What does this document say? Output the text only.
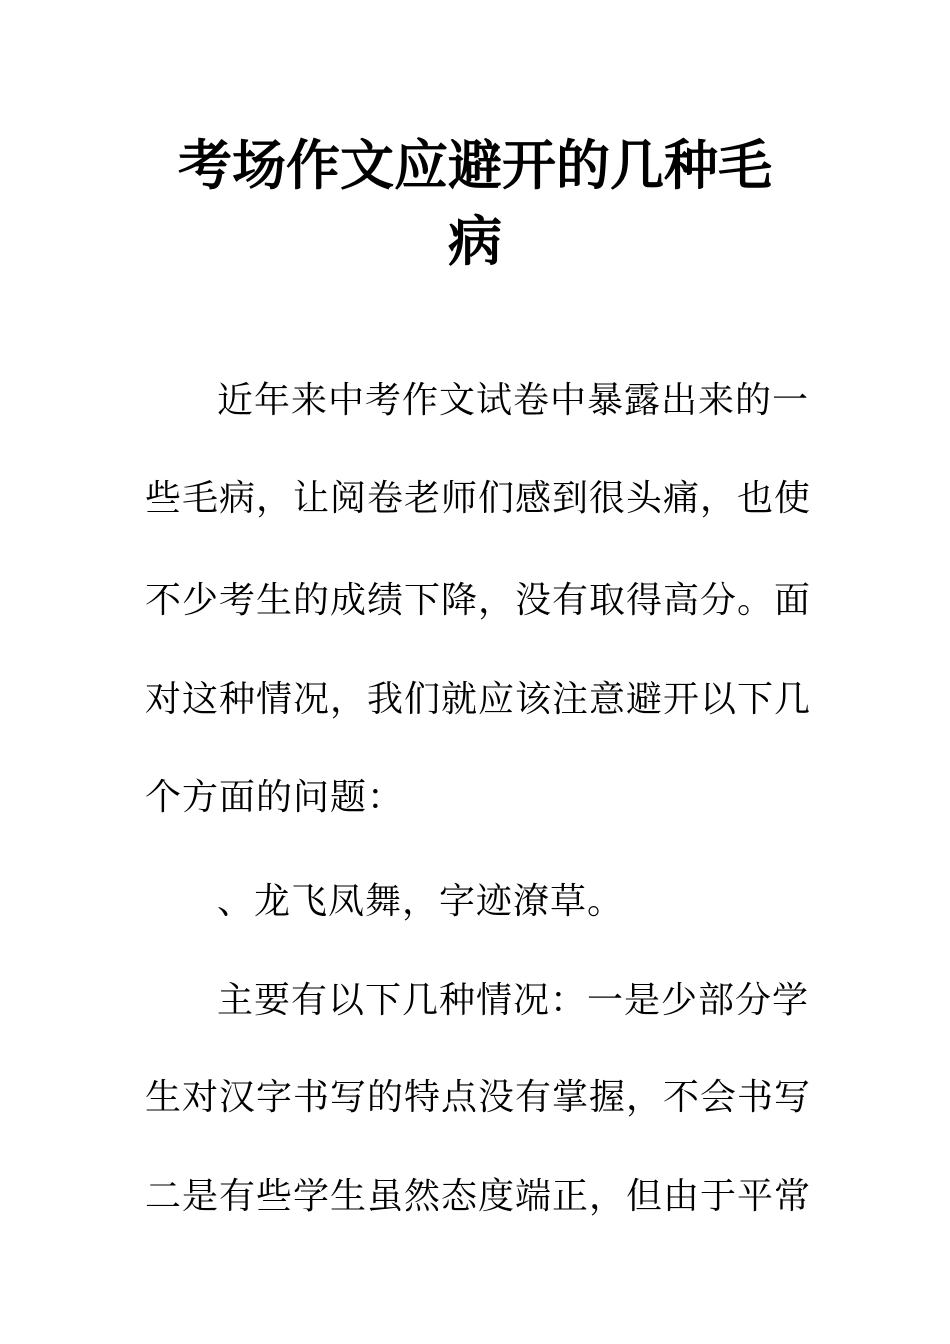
考场作文应避开的几种毛
病

近年来中考作文试卷中暴露出来的一

些毛病，让阅卷老师们感到很头痛，也使

不少考生的成绩下降，没有取得高分。面

对这种情况，我们就应该注意避开以下几

个方面的问题：

、龙飞凤舞，字迹潦草。

主要有以下几种情况：一是少部分学

生对汉字书写的特点没有掌握，不会书写

二是有些学生虽然态度端正，但由于平常
